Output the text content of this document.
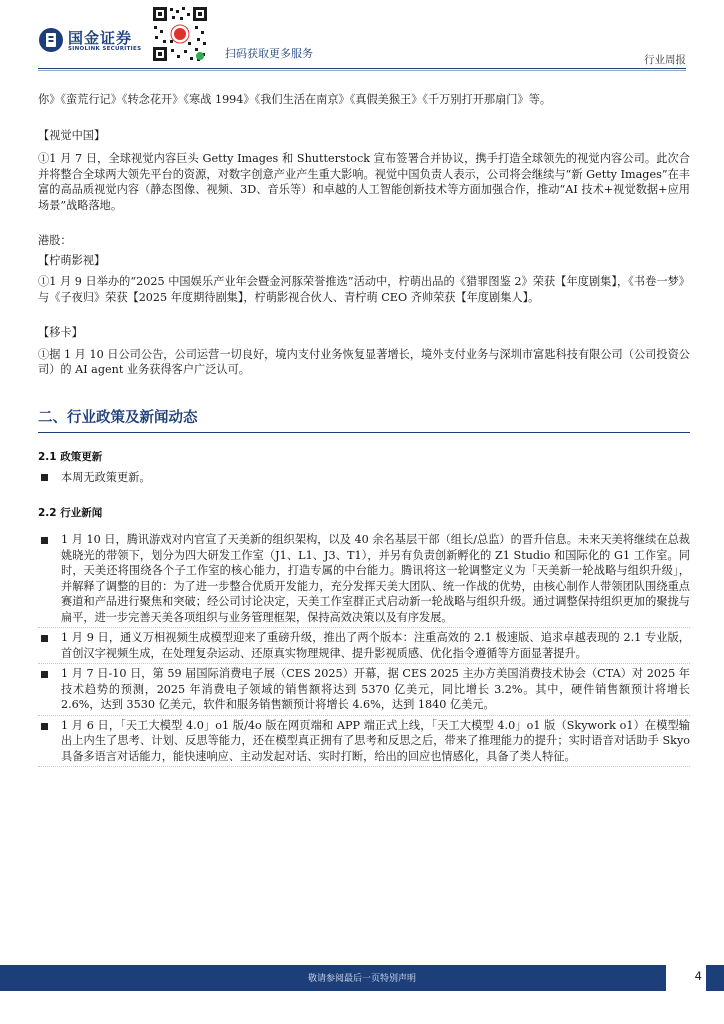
国金证券
SINOLINK SECURITIES	扫码获取更多服务	行业周报

你》《蛮荒行记》《转念花开》《寒战 1994》《我们生活在南京》《真假美猴王》《千万别打开那扇门》等。

【视觉中国】

①1 月 7 日，全球视觉内容巨头 Getty Images 和 Shutterstock 宣布签署合并协议，携手打造全球领先的视觉内容公司。此次合并将整合全球两大领先平台的资源，对数字创意产业产生重大影响。视觉中国负责人表示，公司将会继续与“新 Getty Images”在丰富的高品质视觉内容（静态图像、视频、3D、音乐等）和卓越的人工智能创新技术等方面加强合作，推动“AI 技术+视觉数据+应用场景”战略落地。

港股：

【柠萌影视】

①1 月 9 日举办的“2025 中国娱乐产业年会暨金河豚荣誉推选”活动中，柠萌出品的《猎罪图鉴 2》荣获【年度剧集】，《书卷一梦》与《子夜归》荣获【2025 年度期待剧集】，柠萌影视合伙人、青柠萌 CEO 齐帅荣获【年度剧集人】。

【移卡】

①据 1 月 10 日公司公告，公司运营一切良好，境内支付业务恢复显著增长，境外支付业务与深圳市富匙科技有限公司（公司投资公司）的 AI agent 业务获得客户广泛认可。

二、行业政策及新闻动态
2.1 政策更新

本周无政策更新。

2.2 行业新闻

1 月 10 日，腾讯游戏对内官宣了天美新的组织架构，以及 40 余名基层干部（组长/总监）的晋升信息。未来天美将继续在总裁姚晓光的带领下，划分为四大研发工作室（J1、L1、J3、T1），并另有负责创新孵化的 Z1 Studio 和国际化的 G1 工作室。同时，天美还将围绕各个子工作室的核心能力，打造专属的中台能力。腾讯将这一轮调整定义为「天美新一轮战略与组织升级」，并解释了调整的目的：为了进一步整合优质开发能力，充分发挥天美大团队、统一作战的优势，由核心制作人带领团队围绕重点赛道和产品进行聚焦和突破；经公司讨论决定，天美工作室群正式启动新一轮战略与组织升级。通过调整保持组织更加的聚拢与扁平，进一步完善天美各项组织与业务管理框架，保持高效决策以及有序发展。

1 月 9 日，通义万相视频生成模型迎来了重磅升级，推出了两个版本：注重高效的 2.1 极速版、追求卓越表现的 2.1 专业版，首创汉字视频生成，在处理复杂运动、还原真实物理规律、提升影视质感、优化指令遵循等方面显著提升。

1 月 7 日-10 日，第 59 届国际消费电子展（CES 2025）开幕，据 CES 2025 主办方美国消费技术协会（CTA）对 2025 年技术趋势的预测，2025 年消费电子领域的销售额将达到 5370 亿美元，同比增长 3.2%。其中，硬件销售额预计将增长 2.6%，达到 3530 亿美元，软件和服务销售额预计将增长 4.6%，达到 1840 亿美元。

1 月 6 日，「天工大模型 4.0」o1 版/4o 版在网页端和 APP 端正式上线，「天工大模型 4.0」o1 版（Skywork o1）在模型输出上内生了思考、计划、反思等能力，还在模型真正拥有了思考和反思之后，带来了推理能力的提升；实时语音对话助手 Skyo 具备多语言对话能力，能快速响应、主动发起对话、实时打断，给出的回应也情感化，具备了类人特征。

敬请参阅最后一页特别声明	4
